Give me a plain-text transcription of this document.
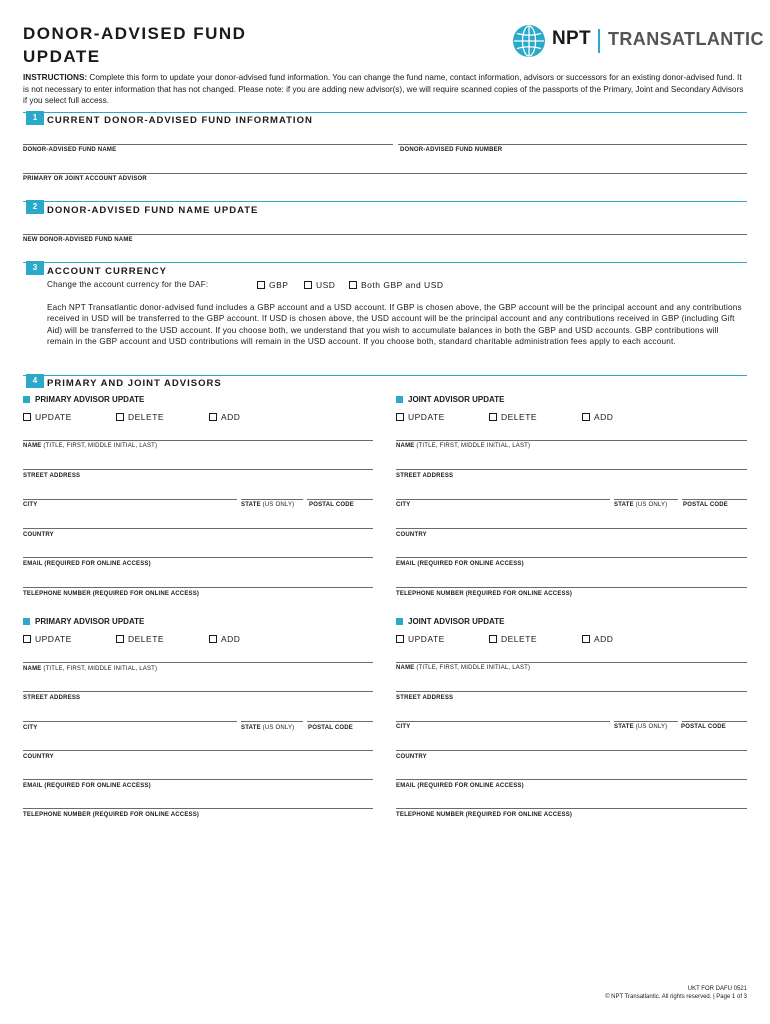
DONOR-ADVISED FUND
UPDATE
NPT TRANSATLANTIC
INSTRUCTIONS: Complete this form to update your donor-advised fund information. You can change the fund name, contact information, advisors or successors for an existing donor-advised fund. It is not necessary to enter information that has not changed. Please note: if you are adding new advisor(s), we will require scanned copies of the passports of the Primary, Joint and Secondary Advisors if you select full access.
1	CURRENT DONOR-ADVISED FUND INFORMATION
DONOR-ADVISED FUND NAME	DONOR-ADVISED FUND NUMBER
PRIMARY OR JOINT ACCOUNT ADVISOR
2	DONOR-ADVISED FUND NAME UPDATE
NEW DONOR-ADVISED FUND NAME
3	ACCOUNT CURRENCY
Change the account currency for the DAF:	GBP	USD	Both GBP and USD
Each NPT Transatlantic donor-advised fund includes a GBP account and a USD account. If GBP is chosen above, the GBP account will be the principal account and any contributions received in USD will be transferred to the GBP account. If USD is chosen above, the USD account will be the principal account and any contributions received in GBP (including Gift Aid) will be transferred to the USD account. If you choose both, we understand that you wish to accumulate balances in both the GBP and USD accounts. GBP contributions will remain in the GBP account and USD contributions will remain in the USD account. If you choose both, standard charitable administration fees apply to each account.
4	PRIMARY AND JOINT ADVISORS
PRIMARY ADVISOR UPDATE
UPDATE	DELETE	ADD
NAME (TITLE, FIRST, MIDDLE INITIAL, LAST)
STREET ADDRESS
CITY	STATE (US ONLY) POSTAL CODE
COUNTRY
EMAIL (REQUIRED FOR ONLINE ACCESS)
TELEPHONE NUMBER (REQUIRED FOR ONLINE ACCESS)
JOINT ADVISOR UPDATE
UPDATE	DELETE	ADD
NAME (TITLE, FIRST, MIDDLE INITIAL, LAST)
STREET ADDRESS
CITY	STATE (US ONLY)	POSTAL CODE
COUNTRY
EMAIL (REQUIRED FOR ONLINE ACCESS)
TELEPHONE NUMBER (REQUIRED FOR ONLINE ACCESS)
PRIMARY ADVISOR UPDATE
UPDATE	DELETE	ADD
NAME (TITLE, FIRST, MIDDLE INITIAL, LAST)
STREET ADDRESS
CITY	STATE (US ONLY) POSTAL CODE
COUNTRY
EMAIL (REQUIRED FOR ONLINE ACCESS)
TELEPHONE NUMBER (REQUIRED FOR ONLINE ACCESS)
JOINT ADVISOR UPDATE
UPDATE	DELETE	ADD
NAME (TITLE, FIRST, MIDDLE INITIAL, LAST)
STREET ADDRESS
CITY	STATE (US ONLY) POSTAL CODE
COUNTRY
EMAIL (REQUIRED FOR ONLINE ACCESS)
TELEPHONE NUMBER (REQUIRED FOR ONLINE ACCESS)
UKT FOR DAFU 0521
© NPT Transatlantic. All rights reserved. | Page 1 of 3
